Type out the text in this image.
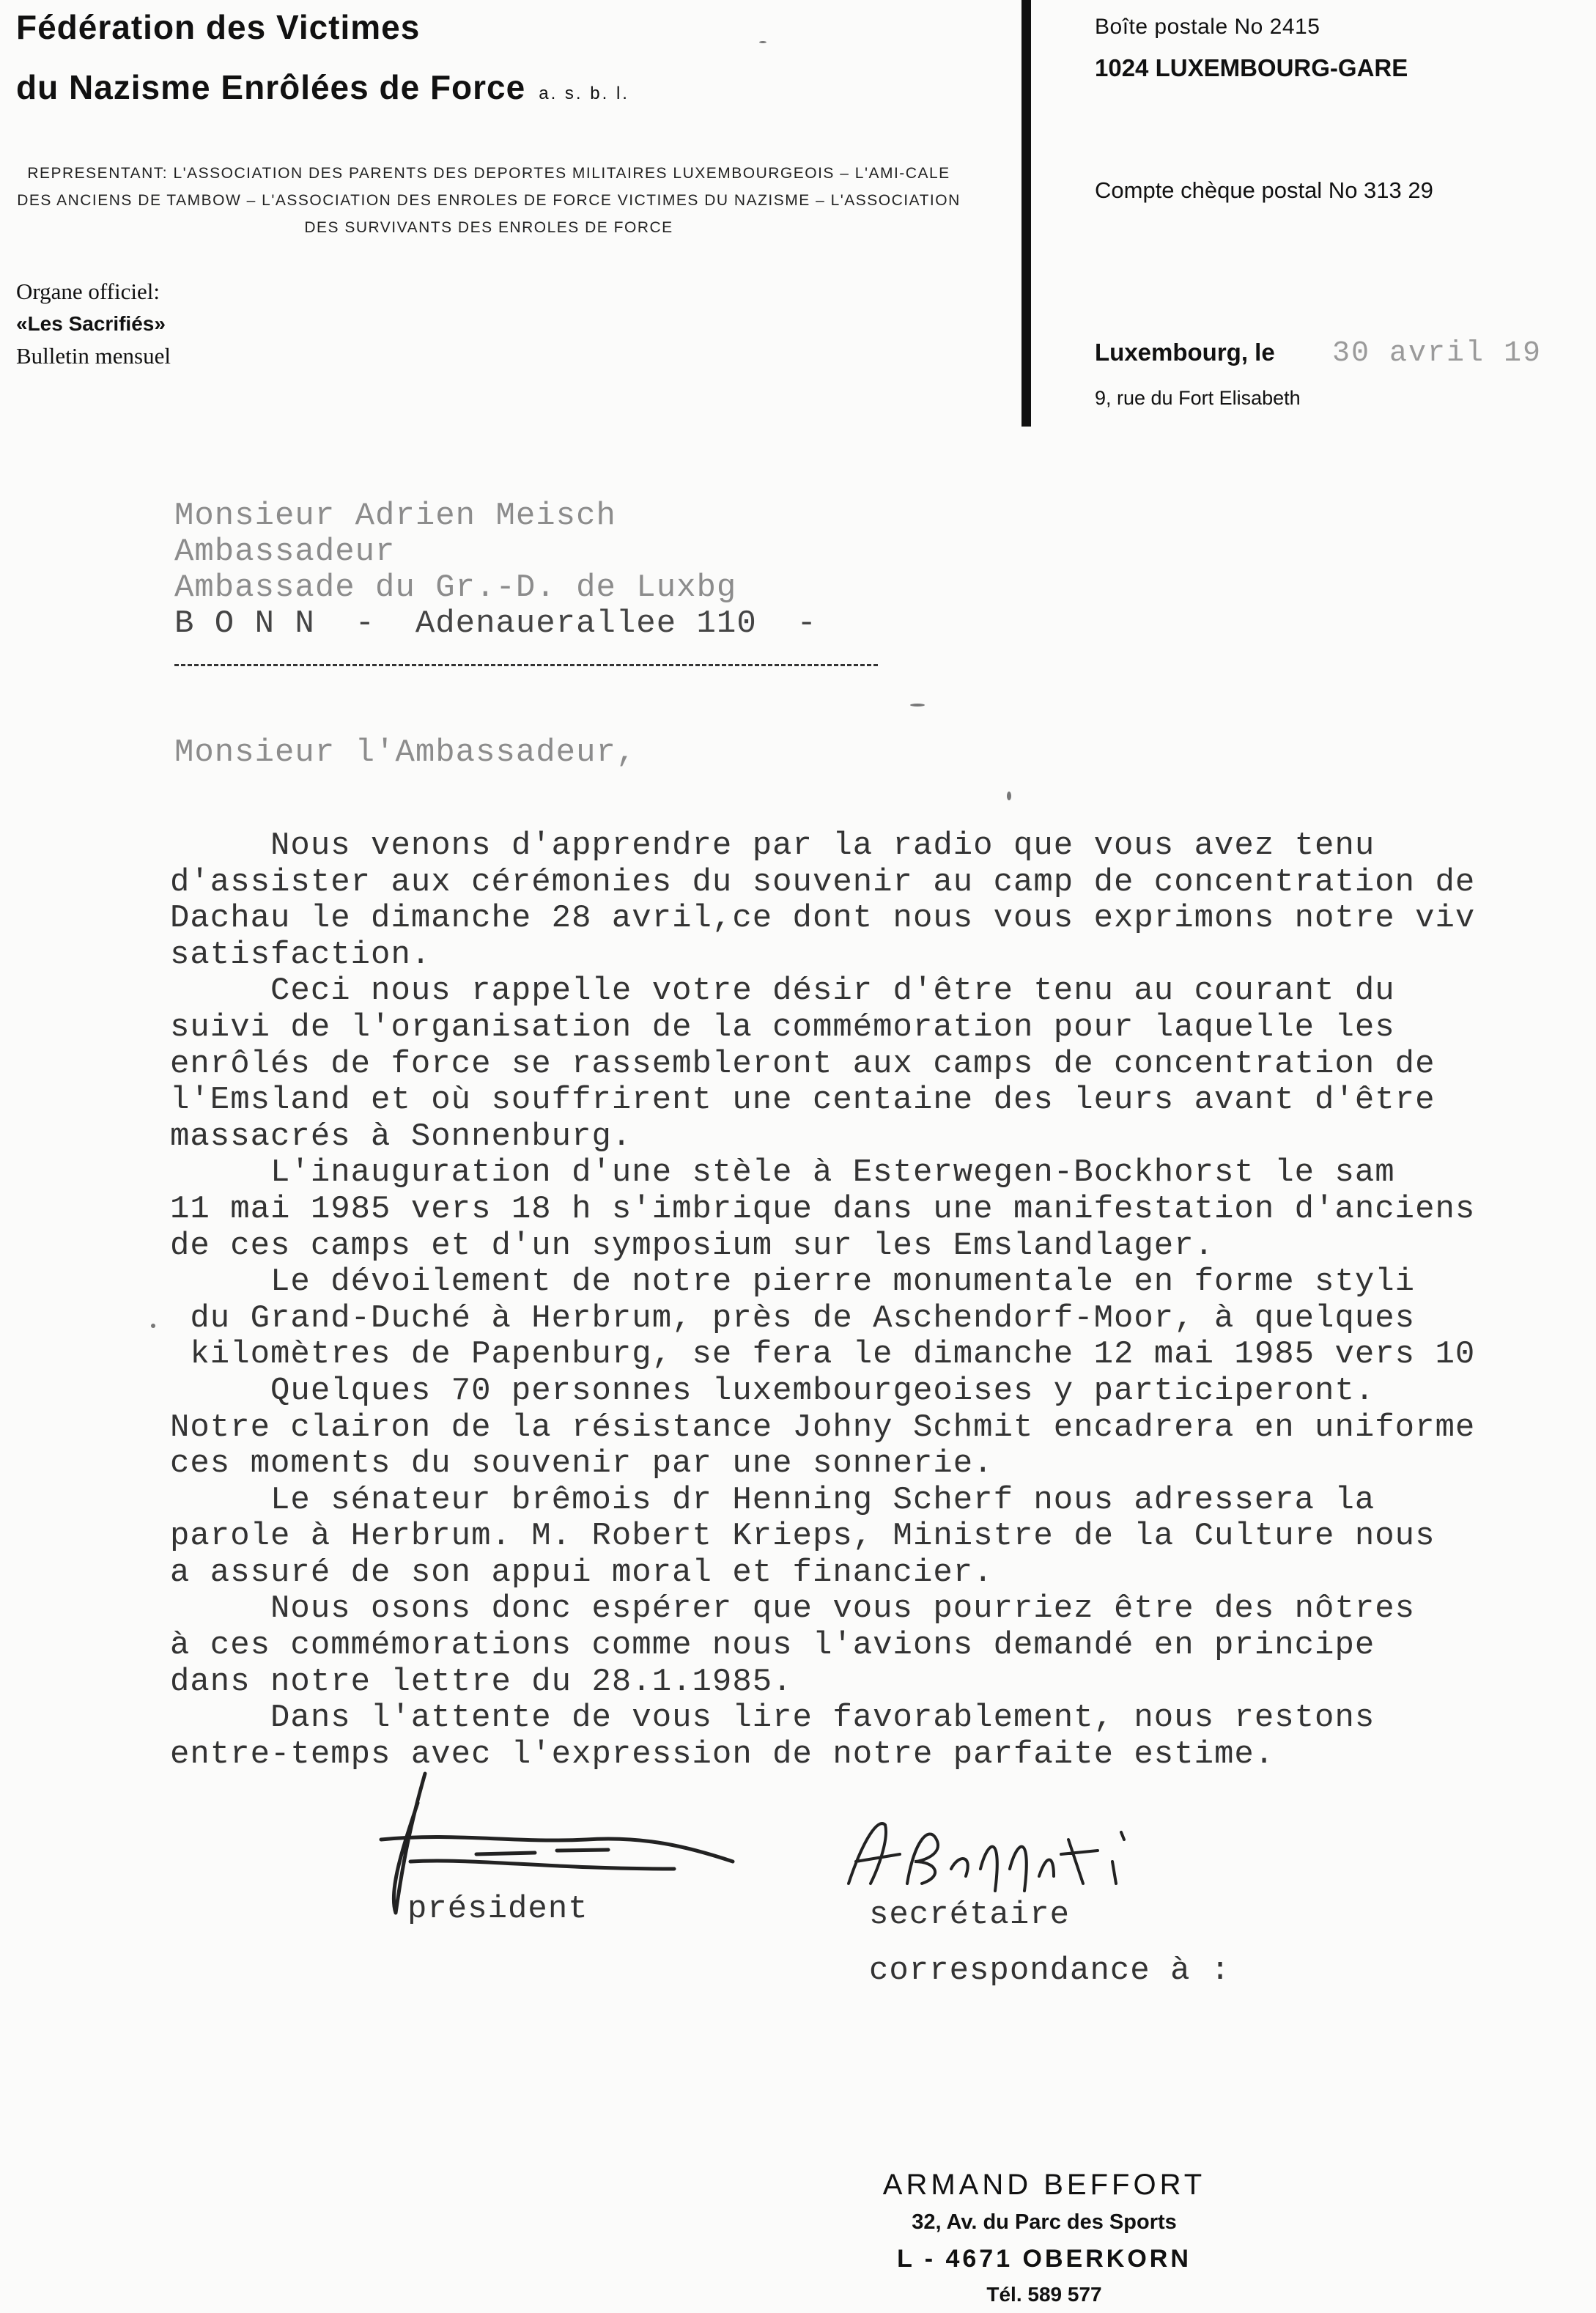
Fédération des Victimes
du Nazisme Enrôlées de Force a. s. b. l.
REPRESENTANT: L'ASSOCIATION DES PARENTS DES DEPORTES MILITAIRES LUXEMBOURGEOIS – L'AMI-CALE DES ANCIENS DE TAMBOW – L'ASSOCIATION DES ENROLES DE FORCE VICTIMES DU NAZISME – L'ASSOCIATION DES SURVIVANTS DES ENROLES DE FORCE
Organe officiel:
«Les Sacrifiés»
Bulletin mensuel
Boîte postale No 2415
1024 LUXEMBOURG-GARE
Compte chèque postal No 313 29
Luxembourg, le 30 avril 19
9, rue du Fort Elisabeth
Monsieur Adrien Meisch
Ambassadeur
Ambassade du Gr.-D. de Luxbg
B O N N  -  Adenauerallee 110  -
Monsieur l'Ambassadeur,
Nous venons d'apprendre par la radio que vous avez tenu
d'assister aux cérémonies du souvenir au camp de concentration de
Dachau le dimanche 28 avril,ce dont nous vous exprimons notre viv
satisfaction.
Ceci nous rappelle votre désir d'être tenu au courant du
suivi de l'organisation de la commémoration pour laquelle les
enrôlés de force se rassembleront aux camps de concentration de
l'Emsland et où souffrirent une centaine des leurs avant d'être
massacrés à Sonnenburg.
L'inauguration d'une stèle à Esterwegen-Bockhorst le sam
11 mai 1985 vers 18 h s'imbrique dans une manifestation d'anciens
de ces camps et d'un symposium sur les Emslandlager.
Le dévoilement de notre pierre monumentale en forme styli
du Grand-Duché à Herbrum, près de Aschendorf-Moor, à quelques
kilomètres de Papenburg, se fera le dimanche 12 mai 1985 vers 10
Quelques 70 personnes luxembourgeoises y participeront.
Notre clairon de la résistance Johny Schmit encadrera en uniforme
ces moments du souvenir par une sonnerie.
Le sénateur brêmois dr Henning Scherf nous adressera la
parole à Herbrum. M. Robert Krieps, Ministre de la Culture nous
a assuré de son appui moral et financier.
Nous osons donc espérer que vous pourriez être des nôtres
à ces commémorations comme nous l'avions demandé en principe
dans notre lettre du 28.1.1985.
Dans l'attente de vous lire favorablement, nous restons
entre-temps avec l'expression de notre parfaite estime.
président	secrétaire
correspondance à :
ARMAND BEFFORT
32, Av. du Parc des Sports
L - 4671 OBERKORN
Tél. 589 577
